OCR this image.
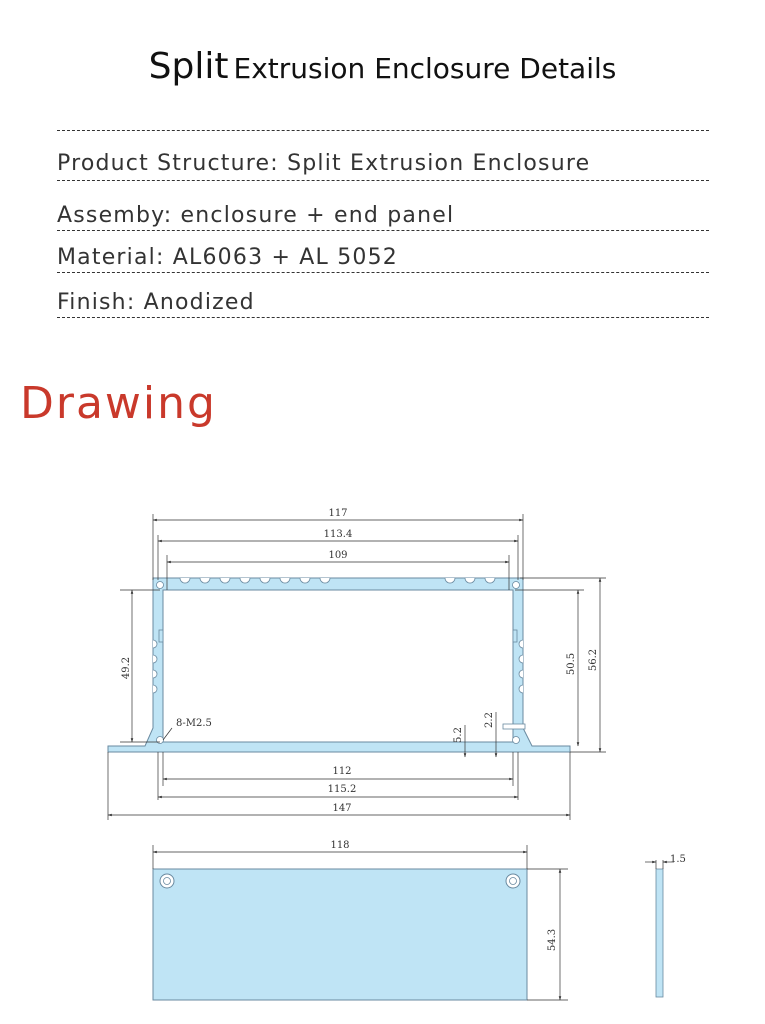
Split Extrusion Enclosure Details
Product Structure: Split Extrusion Enclosure
Assemby: enclosure + end panel
Material: AL6063 + AL 5052
Finish: Anodized
Drawing
117
113.4
109
49.2	50.5 56.2
8-M2.5
5.2
2.2
112
115.2
147
118
54.3
1.5
